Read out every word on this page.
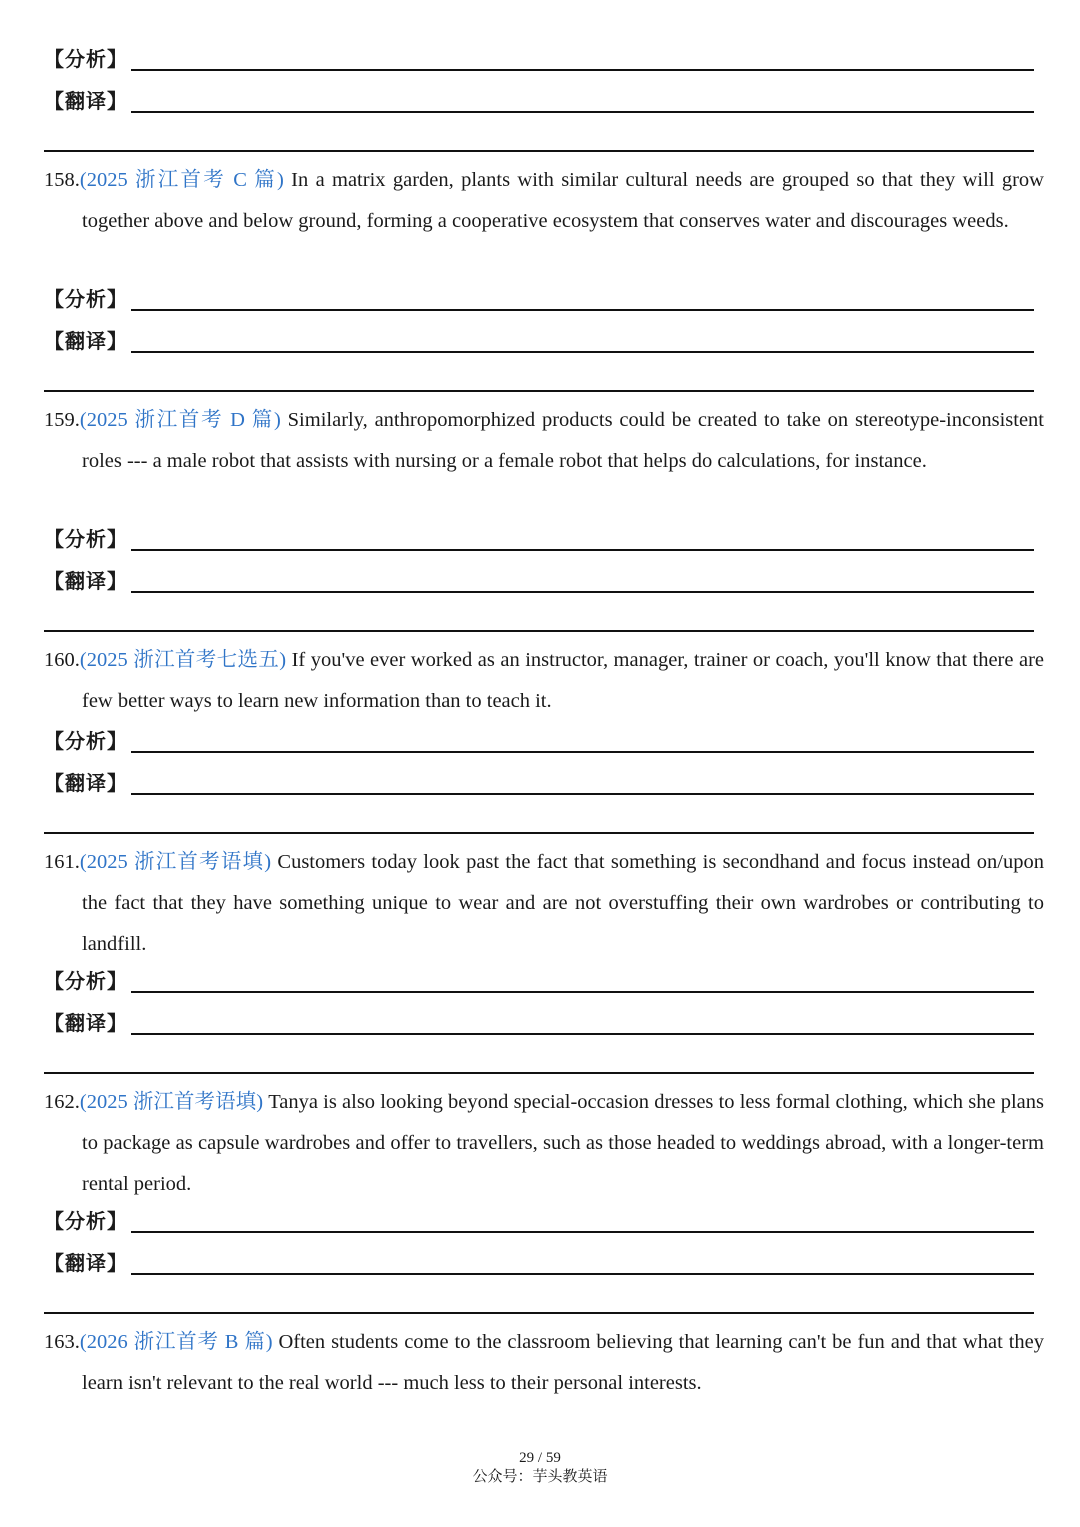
【分析】
【翻译】

158.(2025 浙江首考 C 篇) In a matrix garden, plants with similar cultural needs are grouped so that they will grow together above and below ground, forming a cooperative ecosystem that conserves water and discourages weeds.

【分析】
【翻译】

159.(2025 浙江首考 D 篇) Similarly, anthropomorphized products could be created to take on stereotype-inconsistent roles --- a male robot that assists with nursing or a female robot that helps do calculations, for instance.

【分析】
【翻译】

160.(2025 浙江首考七选五) If you've ever worked as an instructor, manager, trainer or coach, you'll know that there are few better ways to learn new information than to teach it.

【分析】
【翻译】

161.(2025 浙江首考语填) Customers today look past the fact that something is secondhand and focus instead on/upon the fact that they have something unique to wear and are not overstuffing their own wardrobes or contributing to landfill.

【分析】
【翻译】

162.(2025 浙江首考语填) Tanya is also looking beyond special-occasion dresses to less formal clothing, which she plans to package as capsule wardrobes and offer to travellers, such as those headed to weddings abroad, with a longer-term rental period.

【分析】
【翻译】

163.(2026 浙江首考 B 篇) Often students come to the classroom believing that learning can't be fun and that what they learn isn't relevant to the real world --- much less to their personal interests.

29 / 59
公众号：芋头教英语
